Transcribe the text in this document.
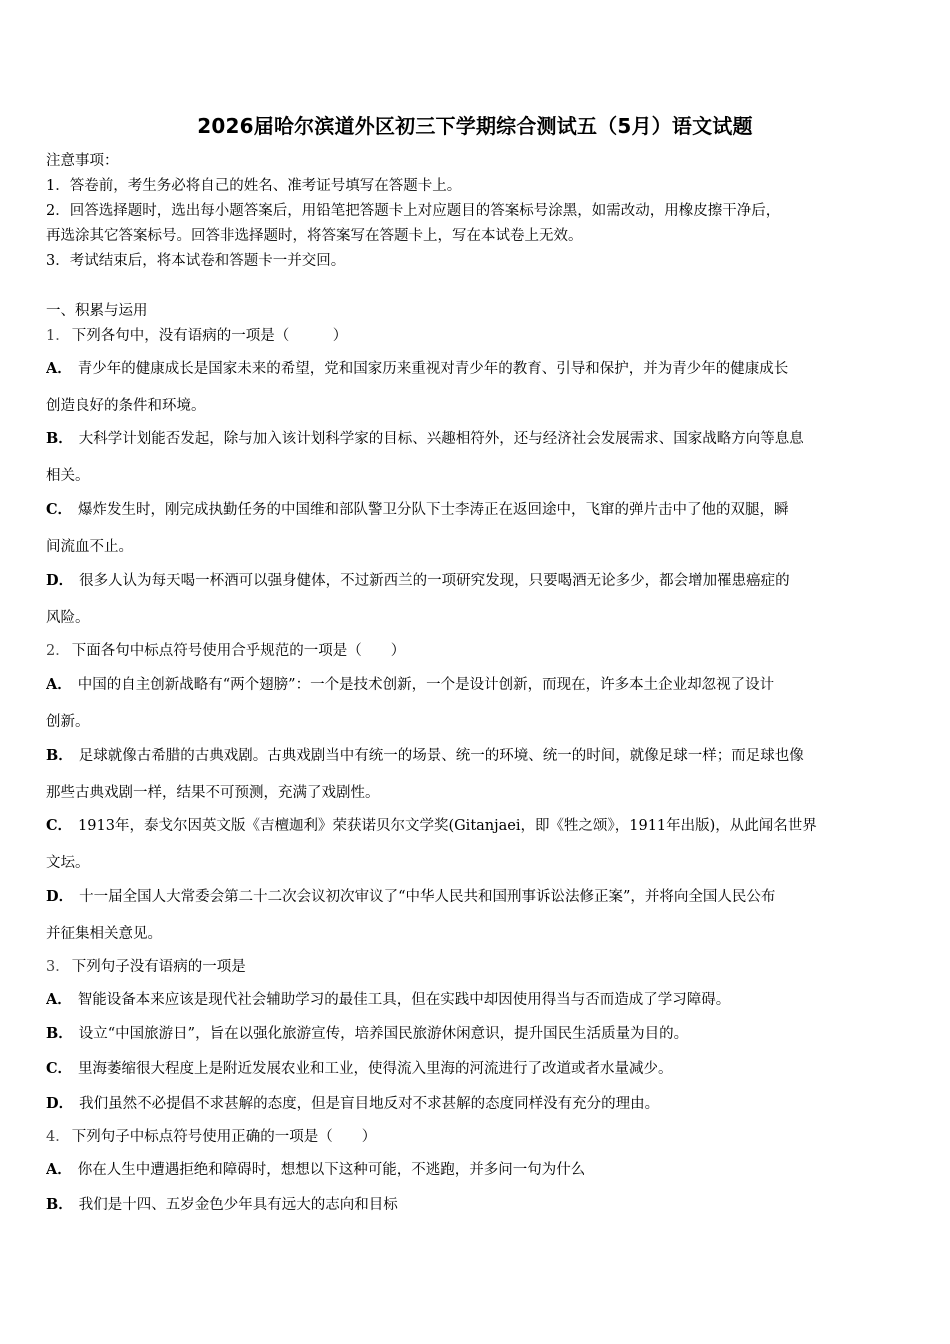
2026届哈尔滨道外区初三下学期综合测试五（5月）语文试题
注意事项：
1．答卷前，考生务必将自己的姓名、准考证号填写在答题卡上。
2．回答选择题时，选出每小题答案后，用铅笔把答题卡上对应题目的答案标号涂黑，如需改动，用橡皮擦干净后，
再选涂其它答案标号。回答非选择题时，将答案写在答题卡上，写在本试卷上无效。
3．考试结束后，将本试卷和答题卡一并交回。
一、积累与运用
1． 下列各句中，没有语病的一项是（　　　）
A． 青少年的健康成长是国家未来的希望，党和国家历来重视对青少年的教育、引导和保护，并为青少年的健康成长
创造良好的条件和环境。
B． 大科学计划能否发起，除与加入该计划科学家的目标、兴趣相符外，还与经济社会发展需求、国家战略方向等息息
相关。
C． 爆炸发生时，刚完成执勤任务的中国维和部队警卫分队下士李涛正在返回途中，飞窜的弹片击中了他的双腿，瞬
间流血不止。
D． 很多人认为每天喝一杯酒可以强身健体，不过新西兰的一项研究发现，只要喝酒无论多少，都会增加罹患癌症的
风险。
2． 下面各句中标点符号使用合乎规范的一项是（　　）
A． 中国的自主创新战略有“两个翅膀”：一个是技术创新，一个是设计创新，而现在，许多本土企业却忽视了设计
创新。
B． 足球就像古希腊的古典戏剧。古典戏剧当中有统一的场景、统一的环境、统一的时间，就像足球一样；而足球也像
那些古典戏剧一样，结果不可预测，充满了戏剧性。
C． 1913年，泰戈尔因英文版《吉檀迦利》荣获诺贝尔文学奖(Gitanjaei，即《牲之颂》，1911年出版)，从此闻名世界
文坛。
D． 十一届全国人大常委会第二十二次会议初次审议了“中华人民共和国刑事诉讼法修正案”，并将向全国人民公布
并征集相关意见。
3． 下列句子没有语病的一项是
A． 智能设备本来应该是现代社会辅助学习的最佳工具，但在实践中却因使用得当与否而造成了学习障碍。
B． 设立“中国旅游日”，旨在以强化旅游宣传，培养国民旅游休闲意识，提升国民生活质量为目的。
C． 里海萎缩很大程度上是附近发展农业和工业，使得流入里海的河流进行了改道或者水量减少。
D． 我们虽然不必提倡不求甚解的态度，但是盲目地反对不求甚解的态度同样没有充分的理由。
4． 下列句子中标点符号使用正确的一项是（　　）
A． 你在人生中遭遇拒绝和障碍时，想想以下这种可能，不逃跑，并多问一句为什么
B． 我们是十四、五岁金色少年具有远大的志向和目标
